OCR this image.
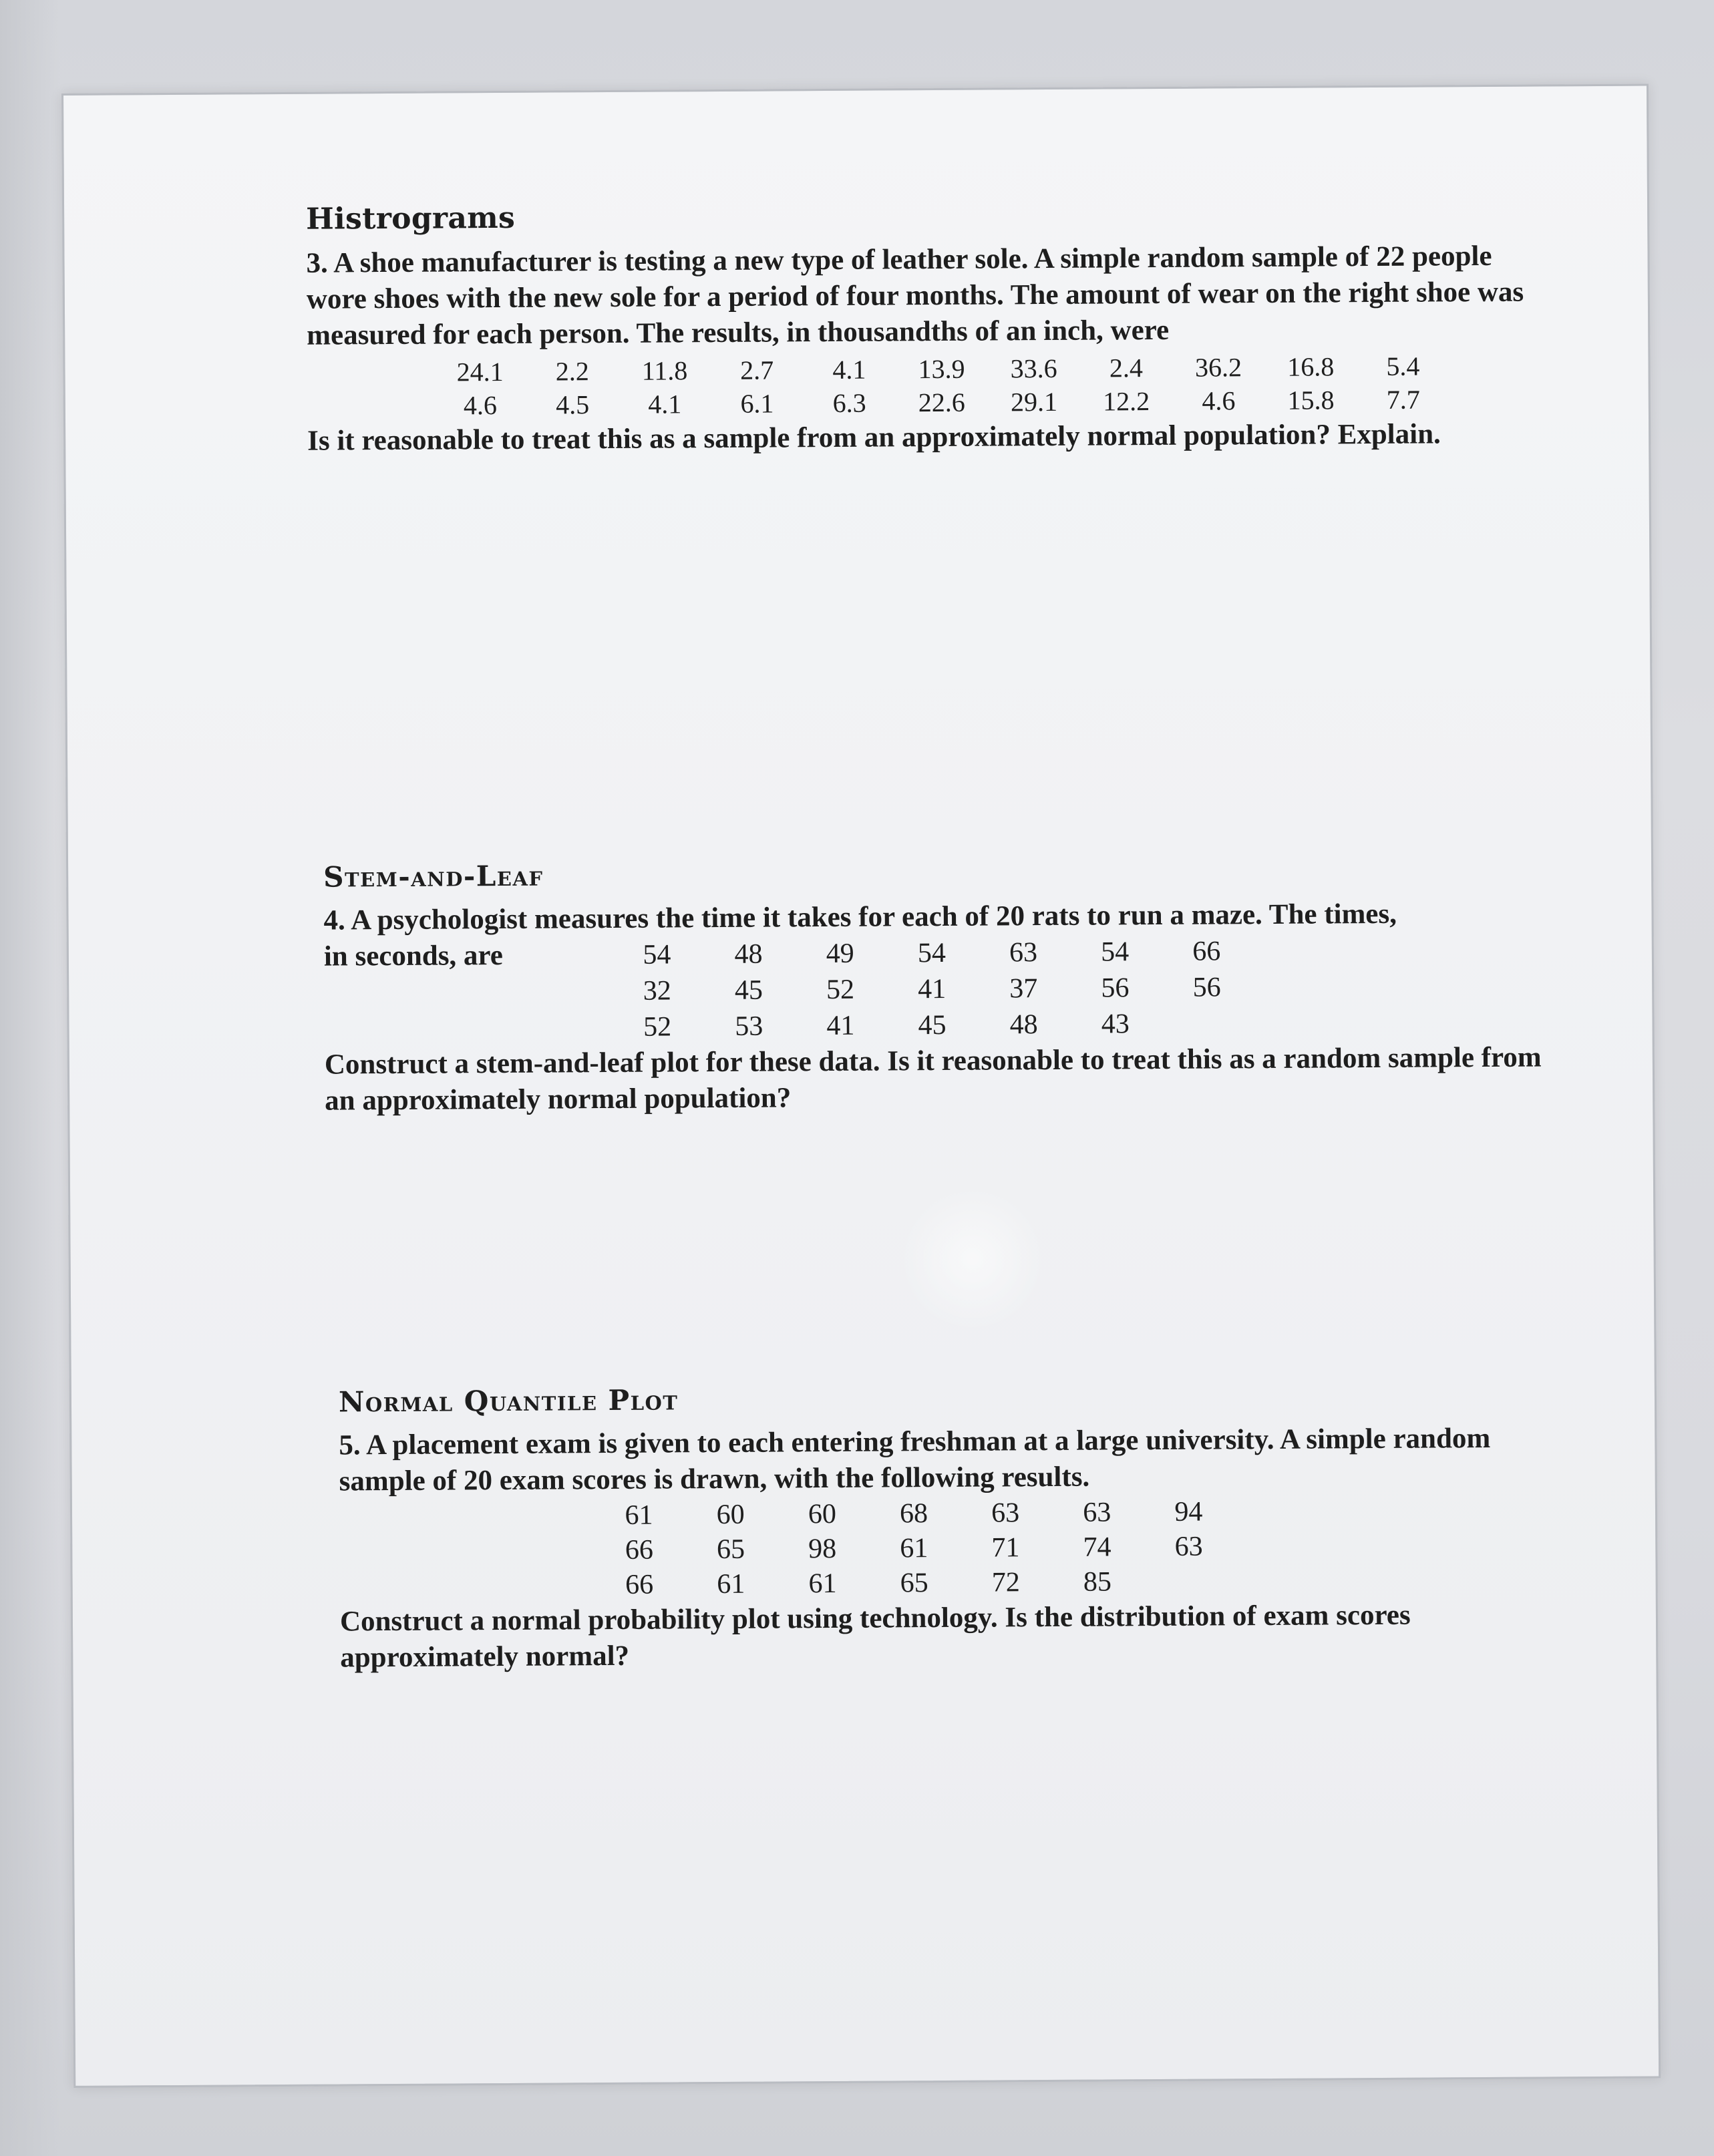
Histrograms

3. A shoe manufacturer is testing a new type of leather sole. A simple random sample of 22 people wore shoes with the new sole for a period of four months. The amount of wear on the right shoe was measured for each person. The results, in thousandths of an inch, were

24.1	2.2	11.8	2.7	4.1	13.9	33.6	2.4	36.2	16.8	5.4
4.6	4.5	4.1	6.1	6.3	22.6	29.1	12.2	4.6	15.8	7.7

Is it reasonable to treat this as a sample from an approximately normal population? Explain.

Stem-and-Leaf

4. A psychologist measures the time it takes for each of 20 rats to run a maze. The times,

in seconds, are	54	48	49	54	63	54	66
32	45	52	41	37	56	56
52	53	41	45	48	43

Construct a stem-and-leaf plot for these data. Is it reasonable to treat this as a random sample from an approximately normal population?

Normal Quantile Plot

5. A placement exam is given to each entering freshman at a large university. A simple random sample of 20 exam scores is drawn, with the following results.

61	60	60	68	63	63	94
66	65	98	61	71	74	63
66	61	61	65	72	85

Construct a normal probability plot using technology. Is the distribution of exam scores approximately normal?
